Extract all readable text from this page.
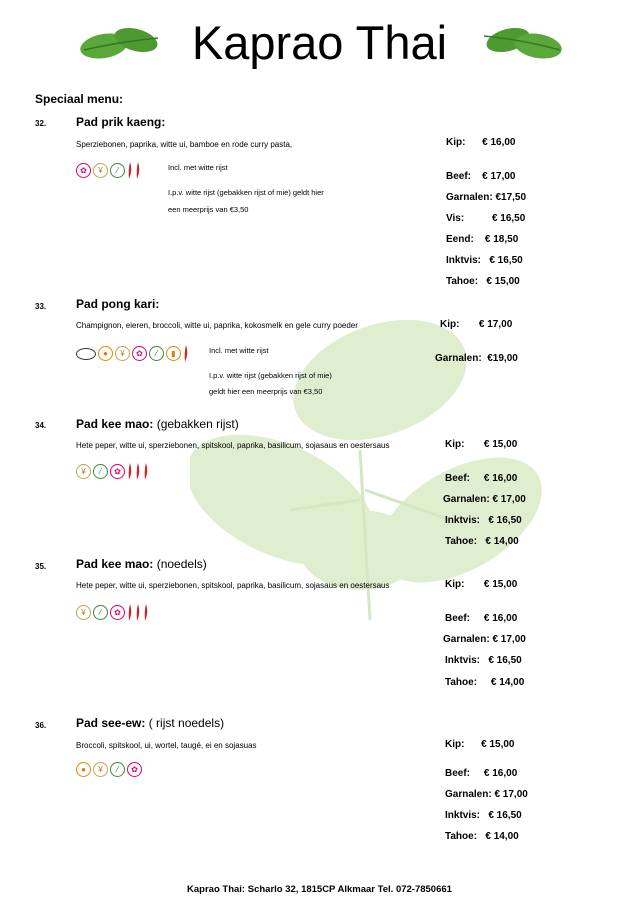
Kaprao Thai
Speciaal menu:
32. Pad prik kaeng:
Sperziebonen, paprika, witte ui, bamboe en rode curry pasta,
✿	¥	⁄	Incl. met witte rijst
I.p.v. witte rijst (gebakken rijst of mie) geldt hier
een meerprijs van €3,50
Kip:      € 16,00
Beef:    € 17,00
Garnalen: €17,50
Vis:          € 16,50
Eend:    € 18,50
Inktvis:   € 16,50
Tahoe:   € 15,00
33. Pad pong kari:
Champignon, eieren, broccoli, witte ui, paprika, kokosmelk en gele curry poeder
●	¥	✿	⁄	▮	Incl. met witte rijst
I.p.v. witte rijst (gebakken rijst of mie)
geldt hier een meerprijs van €3,50
Kip:       € 17,00
Garnalen:  €19,00
34. Pad kee mao: (gebakken rijst)
Hete peper, witte ui, sperziebonen, spitskool, paprika, basilicum, sojasaus en oestersaus
¥	⁄	✿
Kip:       € 15,00
Beef:     € 16,00
Garnalen: € 17,00
Inktvis:   € 16,50
Tahoe:   € 14,00
35. Pad kee mao: (noedels)
Hete peper, witte ui, sperziebonen, spitskool, paprika, basilicum, sojasaus en oestersaus
¥	⁄	✿
Kip:       € 15,00
Beef:     € 16,00
Garnalen: € 17,00
Inktvis:   € 16,50
Tahoe:     € 14,00
36. Pad see-ew: ( rijst noedels)
Broccoli, spitskool, ui, wortel, taugé, ei en sojasuas
●	¥	⁄	✿
Kip:      € 15,00
Beef:     € 16,00
Garnalen: € 17,00
Inktvis:   € 16,50
Tahoe:   € 14,00
Kaprao Thai: Scharlo 32, 1815CP Alkmaar Tel. 072-7850661
